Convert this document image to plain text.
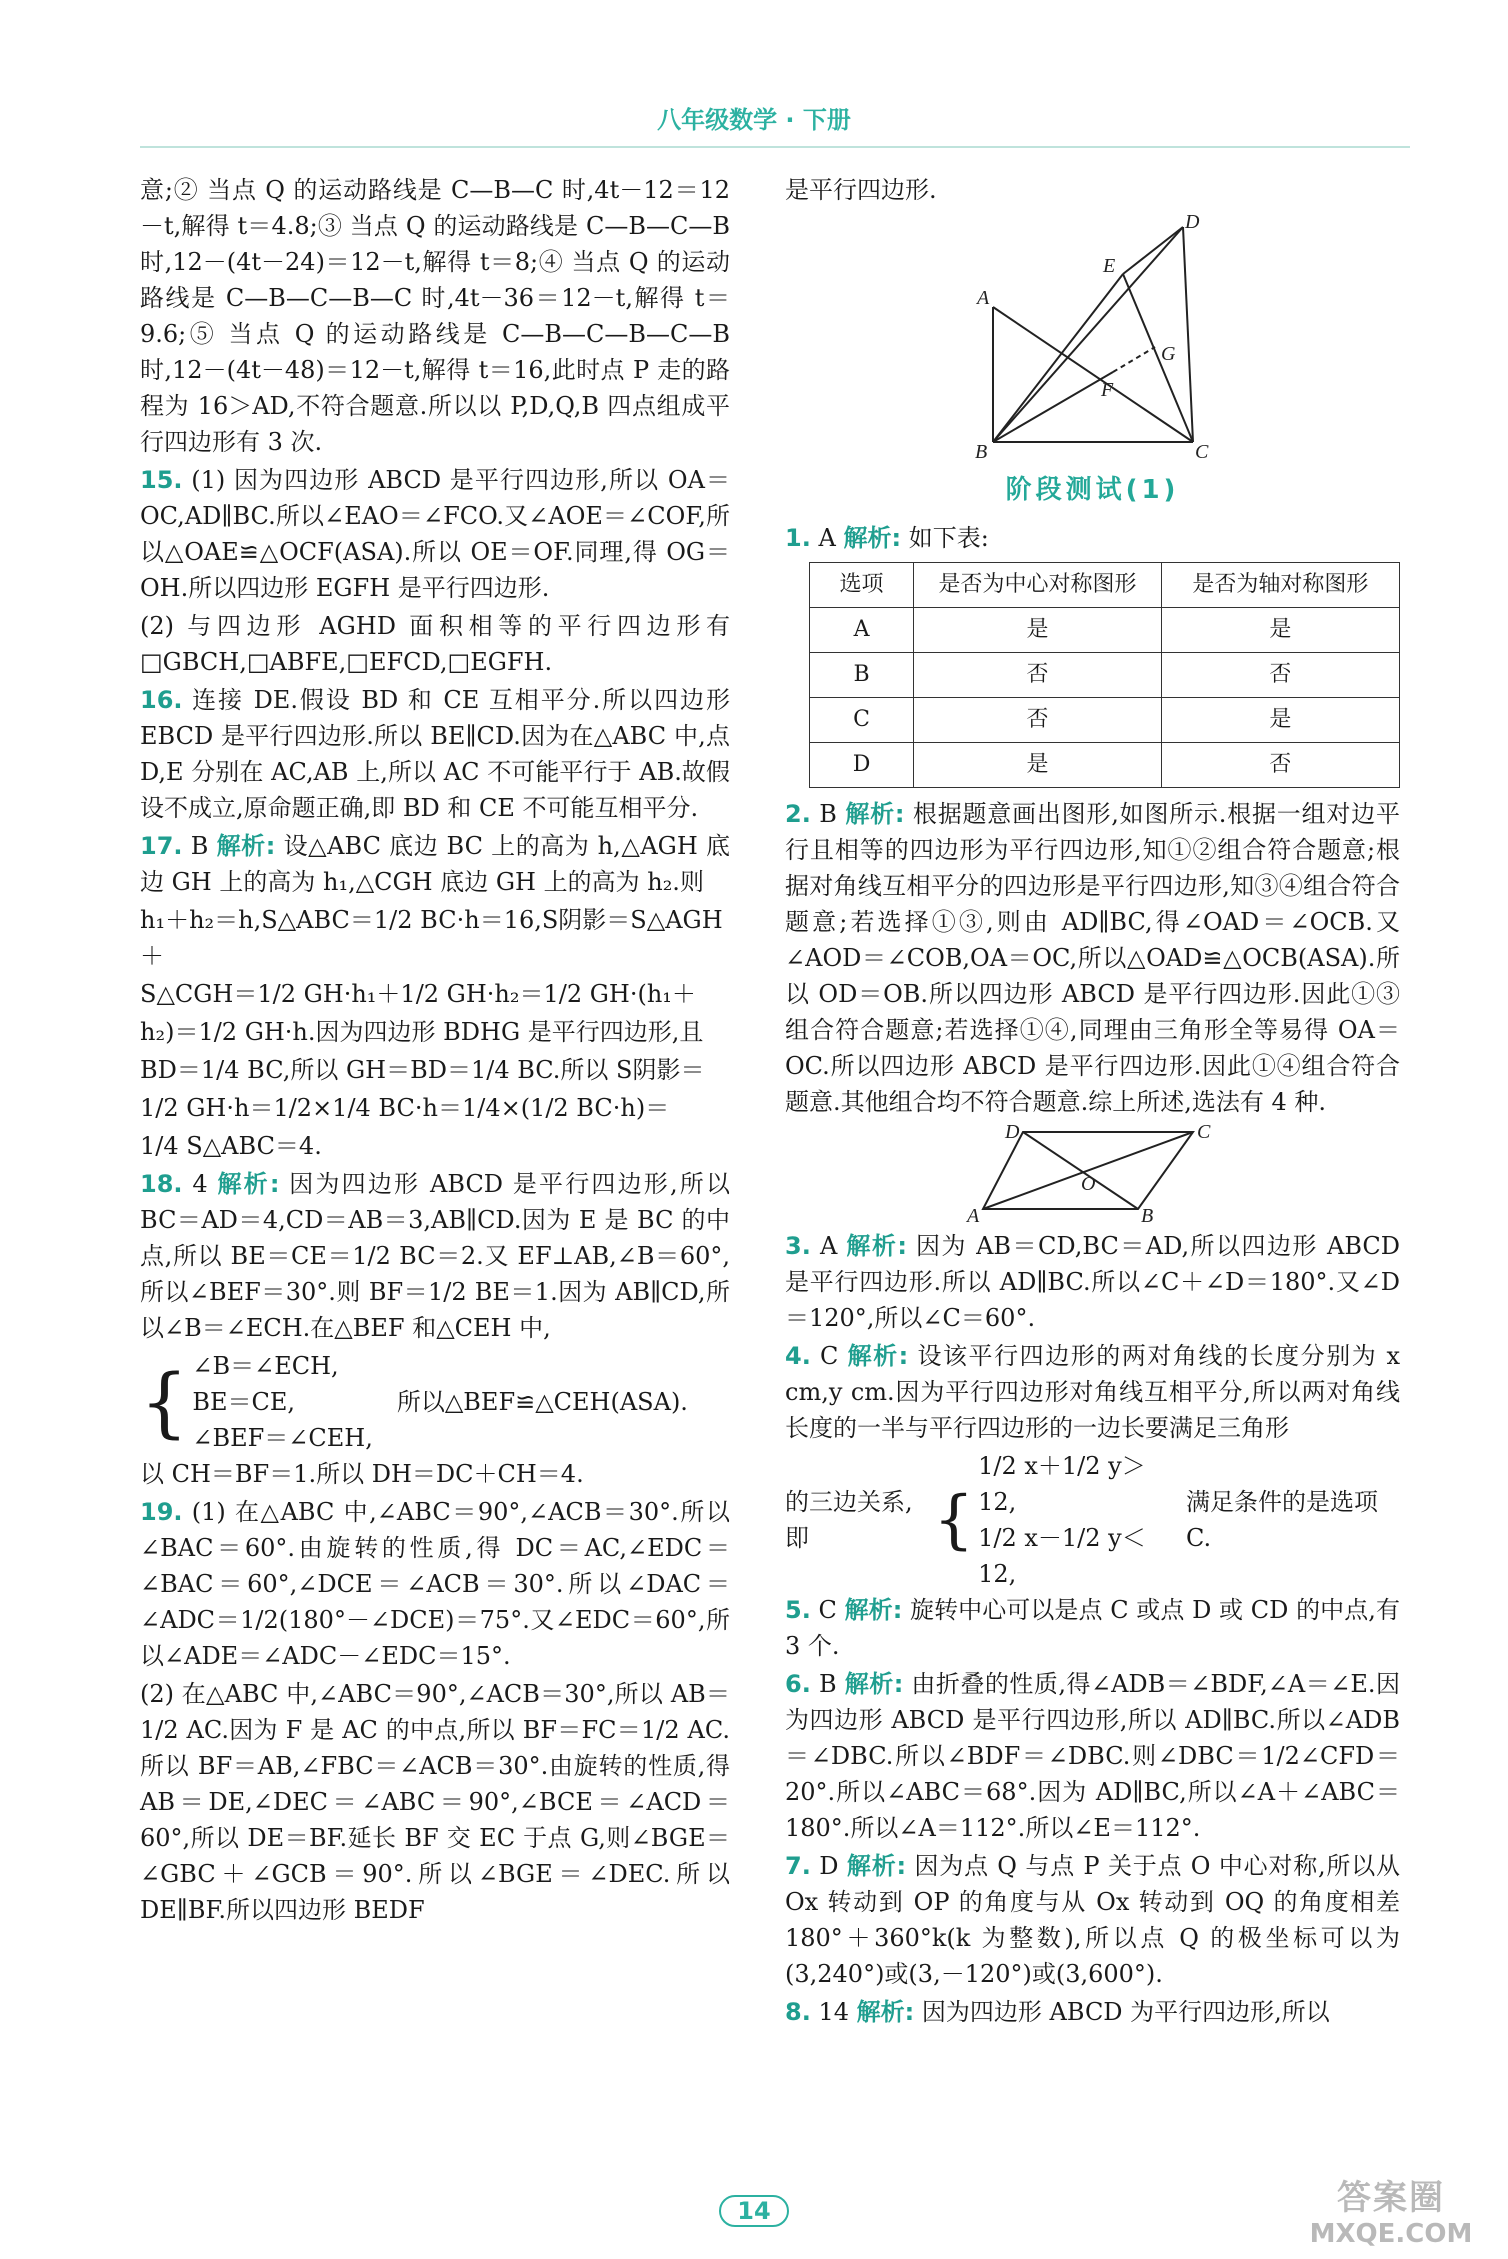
八年级数学 · 下册
意;② 当点 Q 的运动路线是 C—B—C 时,4t－12＝12－t,解得 t＝4.8;③ 当点 Q 的运动路线是 C—B—C—B 时,12－(4t－24)＝12－t,解得 t＝8;④ 当点 Q 的运动路线是 C—B—C—B—C 时,4t－36＝12－t,解得 t＝9.6;⑤ 当点 Q 的运动路线是 C—B—C—B—C—B 时,12－(4t－48)＝12－t,解得 t＝16,此时点 P 走的路程为 16＞AD,不符合题意.所以以 P,D,Q,B 四点组成平行四边形有 3 次.
15. (1) 因为四边形 ABCD 是平行四边形,所以 OA＝OC,AD∥BC.所以∠EAO＝∠FCO.又∠AOE＝∠COF,所以△OAE≌△OCF(ASA).所以 OE＝OF.同理,得 OG＝OH.所以四边形 EGFH 是平行四边形.
(2) 与四边形 AGHD 面积相等的平行四边形有□GBCH,□ABFE,□EFCD,□EGFH.
16. 连接 DE.假设 BD 和 CE 互相平分.所以四边形 EBCD 是平行四边形.所以 BE∥CD.因为在△ABC 中,点 D,E 分别在 AC,AB 上,所以 AC 不可能平行于 AB.故假设不成立,原命题正确,即 BD 和 CE 不可能互相平分.
17. B 解析: 设△ABC 底边 BC 上的高为 h,△AGH 底边 GH 上的高为 h₁,△CGH 底边 GH 上的高为 h₂.则
h₁＋h₂＝h,S△ABC＝1/2 BC·h＝16,S阴影＝S△AGH＋
S△CGH＝1/2 GH·h₁＋1/2 GH·h₂＝1/2 GH·(h₁＋
h₂)＝1/2 GH·h.因为四边形 BDHG 是平行四边形,且
BD＝1/4 BC,所以 GH＝BD＝1/4 BC.所以 S阴影＝
1/2 GH·h＝1/2×1/4 BC·h＝1/4×(1/2 BC·h)＝
1/4 S△ABC＝4.
18. 4 解析: 因为四边形 ABCD 是平行四边形,所以 BC＝AD＝4,CD＝AB＝3,AB∥CD.因为 E 是 BC 的中点,所以 BE＝CE＝1/2 BC＝2.又 EF⊥AB,∠B＝60°,所以∠BEF＝30°.则 BF＝1/2 BE＝1.因为 AB∥CD,所以∠B＝∠ECH.在△BEF 和△CEH 中,
{ ∠B＝∠ECH,
BE＝CE,
∠BEF＝∠CEH,
所以△BEF≌△CEH(ASA).
以 CH＝BF＝1.所以 DH＝DC＋CH＝4.
19. (1) 在△ABC 中,∠ABC＝90°,∠ACB＝30°.所以∠BAC＝60°.由旋转的性质,得 DC＝AC,∠EDC＝∠BAC＝60°,∠DCE＝∠ACB＝30°.所以∠DAC＝∠ADC＝1/2(180°－∠DCE)＝75°.又∠EDC＝60°,所以∠ADE＝∠ADC－∠EDC＝15°.
(2) 在△ABC 中,∠ABC＝90°,∠ACB＝30°,所以 AB＝1/2 AC.因为 F 是 AC 的中点,所以 BF＝FC＝1/2 AC.所以 BF＝AB,∠FBC＝∠ACB＝30°.由旋转的性质,得 AB＝DE,∠DEC＝∠ABC＝90°,∠BCE＝∠ACD＝60°,所以 DE＝BF.延长 BF 交 EC 于点 G,则∠BGE＝∠GBC＋∠GCB＝90°.所以∠BGE＝∠DEC.所以 DE∥BF.所以四边形 BEDF
是平行四边形.
A
B	C
D
E
F
G
阶段测试(1)
1. A 解析: 如下表:
选项	是否为中心对称图形	是否为轴对称图形
A	是	是
B	否	否
C	否	是
D	是	否
2. B 解析: 根据题意画出图形,如图所示.根据一组对边平行且相等的四边形为平行四边形,知①②组合符合题意;根据对角线互相平分的四边形是平行四边形,知③④组合符合题意;若选择①③,则由 AD∥BC,得∠OAD＝∠OCB.又∠AOD＝∠COB,OA＝OC,所以△OAD≌△OCB(ASA).所以 OD＝OB.所以四边形 ABCD 是平行四边形.因此①③组合符合题意;若选择①④,同理由三角形全等易得 OA＝OC.所以四边形 ABCD 是平行四边形.因此①④组合符合题意.其他组合均不符合题意.综上所述,选法有 4 种.
A	B
C
D
O
3. A 解析: 因为 AB＝CD,BC＝AD,所以四边形 ABCD 是平行四边形.所以 AD∥BC.所以∠C＋∠D＝180°.又∠D＝120°,所以∠C＝60°.
4. C 解析: 设该平行四边形的两对角线的长度分别为 x cm,y cm.因为平行四边形对角线互相平分,所以两对角线长度的一半与平行四边形的一边长要满足三角形
的三边关系,即	{
1/2 x＋1/2 y＞12,
1/2 x－1/2 y＜12,
满足条件的是选项 C.
5. C 解析: 旋转中心可以是点 C 或点 D 或 CD 的中点,有 3 个.
6. B 解析: 由折叠的性质,得∠ADB＝∠BDF,∠A＝∠E.因为四边形 ABCD 是平行四边形,所以 AD∥BC.所以∠ADB＝∠DBC.所以∠BDF＝∠DBC.则∠DBC＝1/2∠CFD＝20°.所以∠ABC＝68°.因为 AD∥BC,所以∠A＋∠ABC＝180°.所以∠A＝112°.所以∠E＝112°.
7. D 解析: 因为点 Q 与点 P 关于点 O 中心对称,所以从 Ox 转动到 OP 的角度与从 Ox 转动到 OQ 的角度相差 180°＋360°k(k 为整数),所以点 Q 的极坐标可以为(3,240°)或(3,－120°)或(3,600°).
8. 14 解析: 因为四边形 ABCD 为平行四边形,所以
14	答案圈
MXQE.COM
